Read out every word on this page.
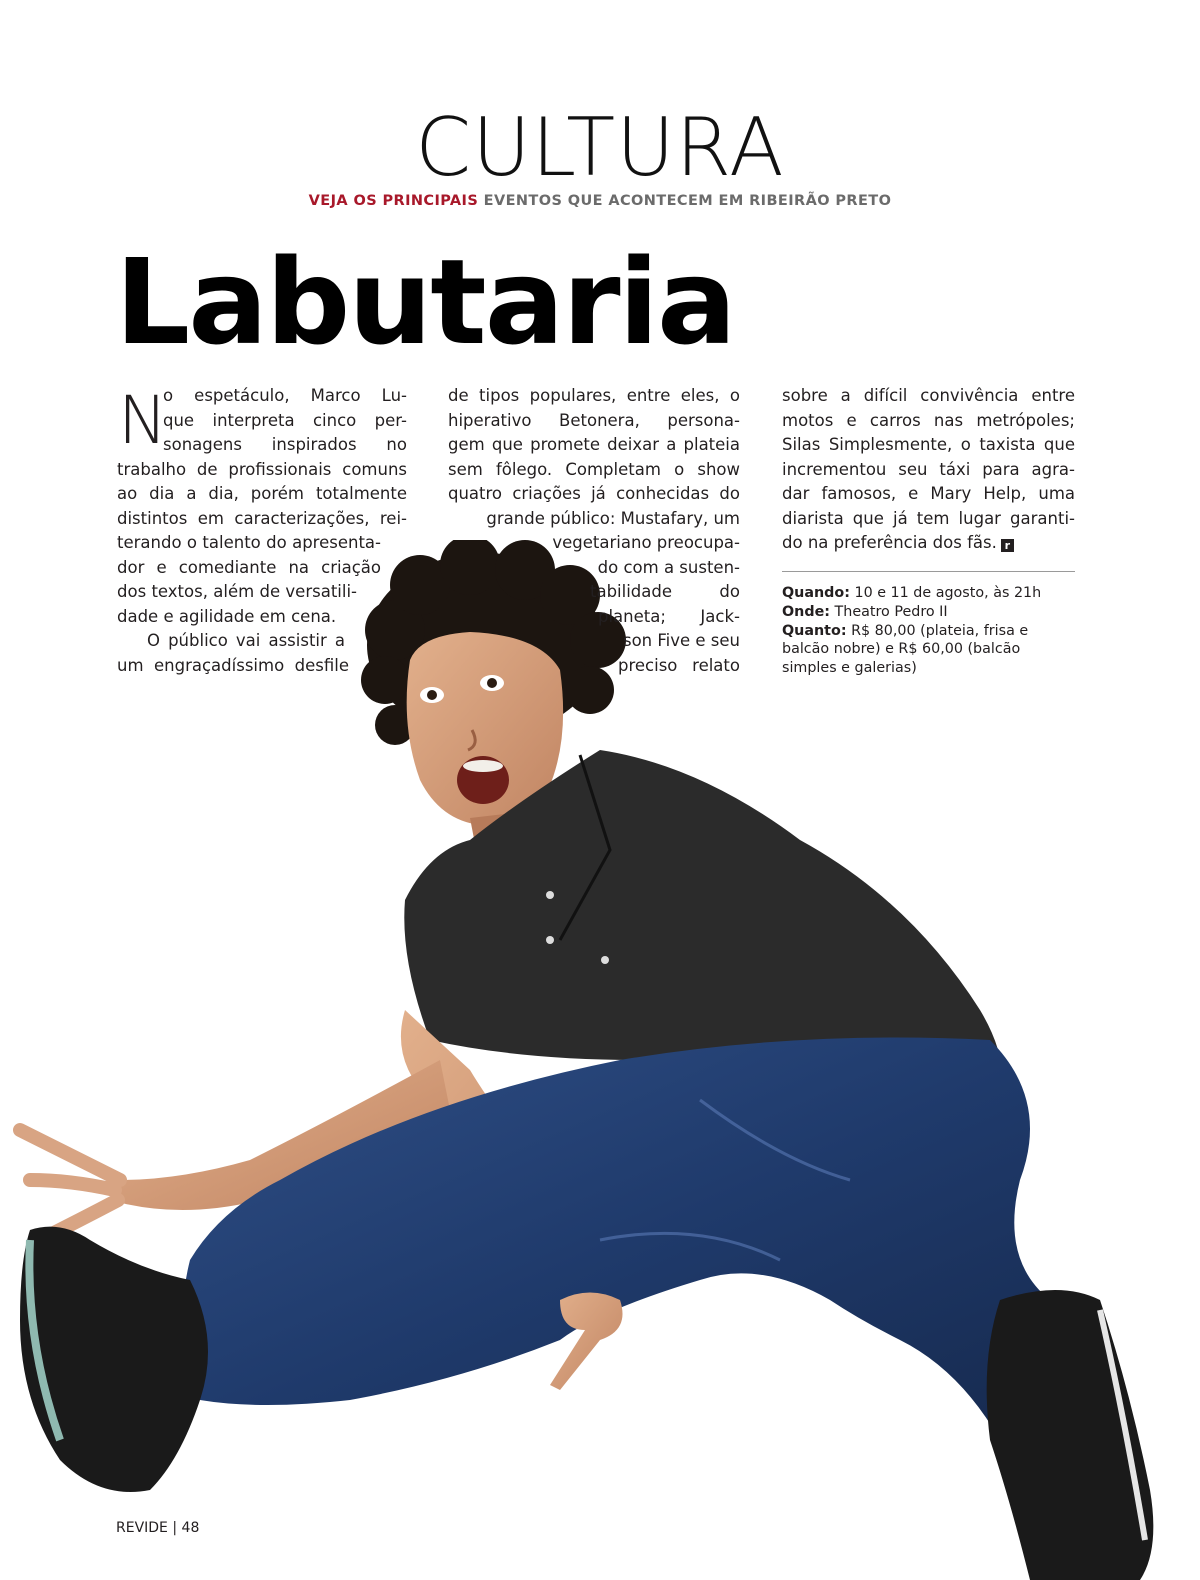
CULTURA
VEJA OS PRINCIPAIS EVENTOS QUE ACONTECEM EM RIBEIRÃO PRETO
Labutaria
N
o espetáculo, Marco Lu-
que interpreta cinco per-
sonagens inspirados no
trabalho de profissionais comuns
ao dia a dia, porém totalmente
distintos em caracterizações, rei-
terando o talento do apresenta-
dor e comediante na criação
dos textos, além de versatili-
dade e agilidade em cena.
O público vai assistir a
um engraçadíssimo desfile
de tipos populares, entre eles, o
hiperativo Betonera, persona-
gem que promete deixar a plateia
sem fôlego. Completam o show
quatro criações já conhecidas do
grande público: Mustafary, um
vegetariano preocupa-
do com a susten-
tabilidade do
planeta; Jack-
son Five e seu
preciso relato
sobre a difícil convivência entre
motos e carros nas metrópoles;
Silas Simplesmente, o taxista que
incrementou seu táxi para agra-
dar famosos, e Mary Help, uma
diarista que já tem lugar garanti-
do na preferência dos fãs. r
Quando: 10 e 11 de agosto, às 21h
Onde: Theatro Pedro II
Quanto: R$ 80,00 (plateia, frisa e balcão nobre) e R$ 60,00 (balcão simples e galerias)
REVIDE | 48
